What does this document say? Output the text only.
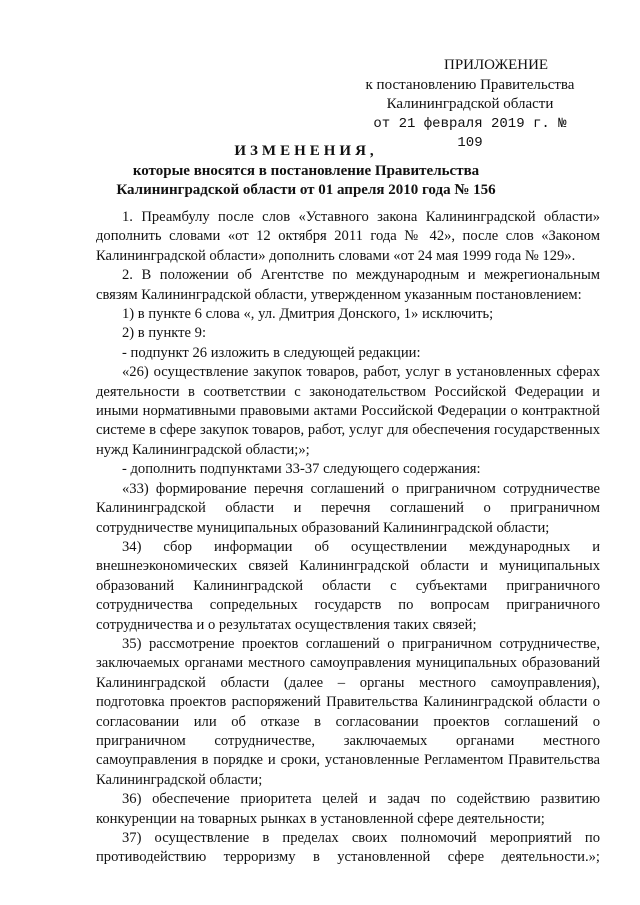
ПРИЛОЖЕНИЕ
к постановлению Правительства
Калининградской области
от 21 февраля 2019 г. № 109
ИЗМЕНЕНИЯ,
которые вносятся в постановление Правительства
Калининградской области от 01 апреля 2010 года № 156

1. Преамбулу после слов «Уставного закона Калининградской области» дополнить словами «от 12 октября 2011 года № 42», после слов «Законом Калининградской области» дополнить словами «от 24 мая 1999 года № 129».

2. В положении об Агентстве по международным и межрегиональным связям Калининградской области, утвержденном указанным постановлением:

1) в пункте 6 слова «, ул. Дмитрия Донского, 1» исключить;

2) в пункте 9:

- подпункт 26 изложить в следующей редакции:

«26) осуществление закупок товаров, работ, услуг в установленных сферах деятельности в соответствии с законодательством Российской Федерации и иными нормативными правовыми актами Российской Федерации о контрактной системе в сфере закупок товаров, работ, услуг для обеспечения государственных нужд Калининградской области;»;

- дополнить подпунктами 33-37 следующего содержания:

«33) формирование перечня соглашений о приграничном сотрудничестве Калининградской области и перечня соглашений о приграничном сотрудничестве муниципальных образований Калининградской области;

34) сбор информации об осуществлении международных и внешнеэкономических связей Калининградской области и муниципальных образований Калининградской области с субъектами приграничного сотрудничества сопредельных государств по вопросам приграничного сотрудничества и о результатах осуществления таких связей;

35) рассмотрение проектов соглашений о приграничном сотрудничестве, заключаемых органами местного самоуправления муниципальных образований Калининградской области (далее – органы местного самоуправления), подготовка проектов распоряжений Правительства Калининградской области о согласовании или об отказе в согласовании проектов соглашений о приграничном сотрудничестве, заключаемых органами местного самоуправления в порядке и сроки, установленные Регламентом Правительства Калининградской области;

36) обеспечение приоритета целей и задач по содействию развитию конкуренции на товарных рынках в установленной сфере деятельности;

37) осуществление в пределах своих полномочий мероприятий по противодействию терроризму в установленной сфере деятельности.»;
